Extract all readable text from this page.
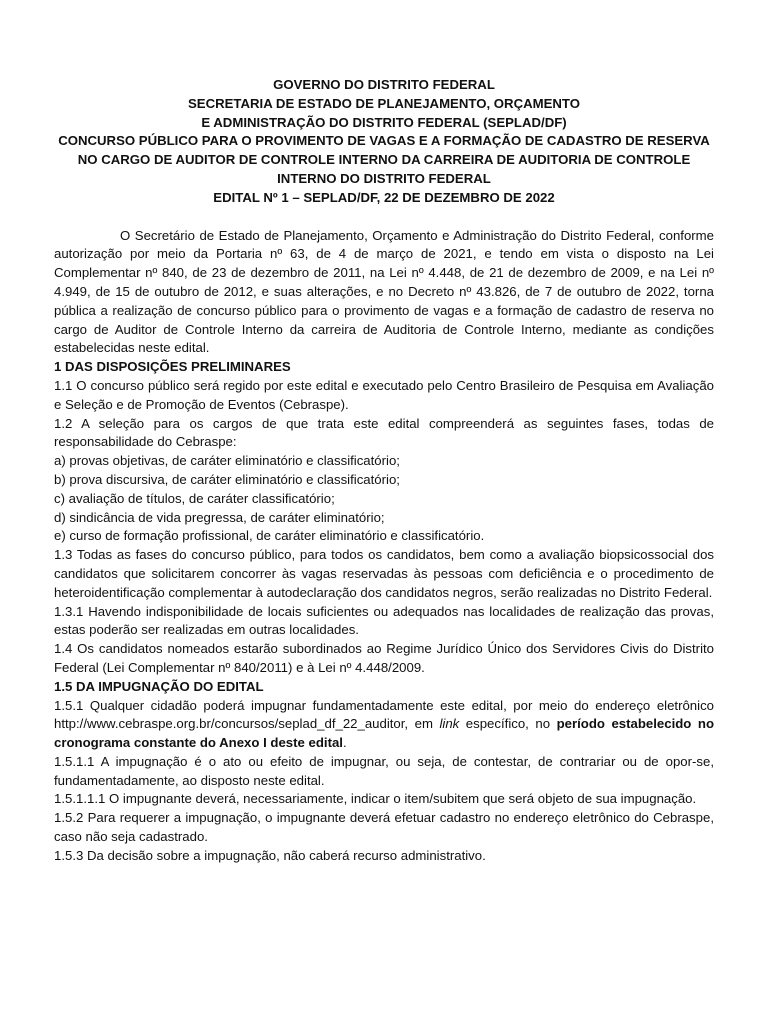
GOVERNO DO DISTRITO FEDERAL
SECRETARIA DE ESTADO DE PLANEJAMENTO, ORÇAMENTO
E ADMINISTRAÇÃO DO DISTRITO FEDERAL (SEPLAD/DF)
CONCURSO PÚBLICO PARA O PROVIMENTO DE VAGAS E A FORMAÇÃO DE CADASTRO DE RESERVA NO CARGO DE AUDITOR DE CONTROLE INTERNO DA CARREIRA DE AUDITORIA DE CONTROLE INTERNO DO DISTRITO FEDERAL
EDITAL Nº 1 – SEPLAD/DF, 22 DE DEZEMBRO DE 2022

O Secretário de Estado de Planejamento, Orçamento e Administração do Distrito Federal, conforme autorização por meio da Portaria nº 63, de 4 de março de 2021, e tendo em vista o disposto na Lei Complementar nº 840, de 23 de dezembro de 2011, na Lei nº 4.448, de 21 de dezembro de 2009, e na Lei nº 4.949, de 15 de outubro de 2012, e suas alterações, e no Decreto nº 43.826, de 7 de outubro de 2022, torna pública a realização de concurso público para o provimento de vagas e a formação de cadastro de reserva no cargo de Auditor de Controle Interno da carreira de Auditoria de Controle Interno, mediante as condições estabelecidas neste edital.

1 DAS DISPOSIÇÕES PRELIMINARES

1.1 O concurso público será regido por este edital e executado pelo Centro Brasileiro de Pesquisa em Avaliação e Seleção e de Promoção de Eventos (Cebraspe).

1.2 A seleção para os cargos de que trata este edital compreenderá as seguintes fases, todas de responsabilidade do Cebraspe:

a) provas objetivas, de caráter eliminatório e classificatório;

b) prova discursiva, de caráter eliminatório e classificatório;

c) avaliação de títulos, de caráter classificatório;

d) sindicância de vida pregressa, de caráter eliminatório;

e) curso de formação profissional, de caráter eliminatório e classificatório.

1.3 Todas as fases do concurso público, para todos os candidatos, bem como a avaliação biopsicossocial dos candidatos que solicitarem concorrer às vagas reservadas às pessoas com deficiência e o procedimento de heteroidentificação complementar à autodeclaração dos candidatos negros, serão realizadas no Distrito Federal.

1.3.1 Havendo indisponibilidade de locais suficientes ou adequados nas localidades de realização das provas, estas poderão ser realizadas em outras localidades.

1.4 Os candidatos nomeados estarão subordinados ao Regime Jurídico Único dos Servidores Civis do Distrito Federal (Lei Complementar nº 840/2011) e à Lei nº 4.448/2009.

1.5 DA IMPUGNAÇÃO DO EDITAL

1.5.1 Qualquer cidadão poderá impugnar fundamentadamente este edital, por meio do endereço eletrônico http://www.cebraspe.org.br/concursos/seplad_df_22_auditor, em link específico, no período estabelecido no cronograma constante do Anexo I deste edital.

1.5.1.1 A impugnação é o ato ou efeito de impugnar, ou seja, de contestar, de contrariar ou de opor-se, fundamentadamente, ao disposto neste edital.

1.5.1.1.1 O impugnante deverá, necessariamente, indicar o item/subitem que será objeto de sua impugnação.

1.5.2 Para requerer a impugnação, o impugnante deverá efetuar cadastro no endereço eletrônico do Cebraspe, caso não seja cadastrado.

1.5.3 Da decisão sobre a impugnação, não caberá recurso administrativo.
